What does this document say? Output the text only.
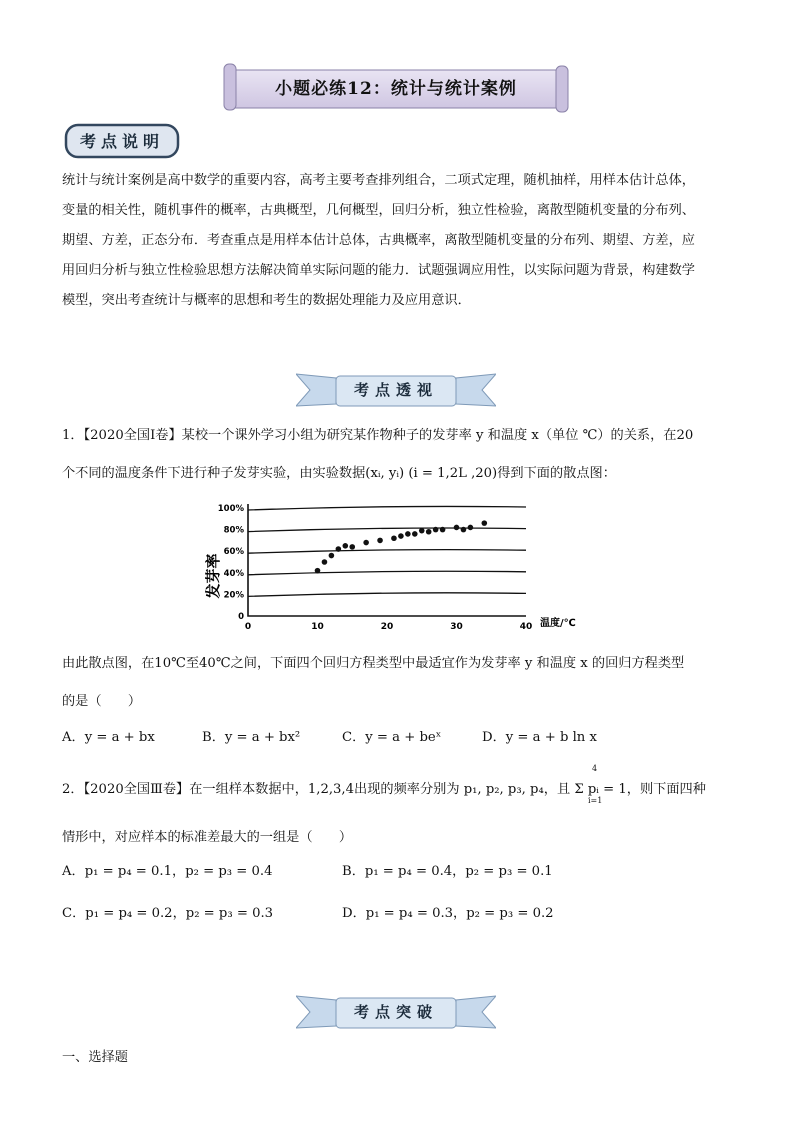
小题必练12：统计与统计案例
考点说明
统计与统计案例是高中数学的重要内容，高考主要考查排列组合，二项式定理，随机抽样，用样本估计总体，
变量的相关性，随机事件的概率，古典概型，几何概型，回归分析，独立性检验，离散型随机变量的分布列、
期望、方差，正态分布．考查重点是用样本估计总体，古典概率，离散型随机变量的分布列、期望、方差，应
用回归分析与独立性检验思想方法解决简单实际问题的能力．试题强调应用性，以实际问题为背景，构建数学
模型，突出考查统计与概率的思想和考生的数据处理能力及应用意识．
考点透视
1．【2020全国Ⅰ卷】某校一个课外学习小组为研究某作物种子的发芽率 y 和温度 x（单位 ℃）的关系，在20
个不同的温度条件下进行种子发芽实验，由实验数据(xᵢ, yᵢ) (i = 1,2L ,20)得到下面的散点图：
发芽率
0
20%
40%
60%
80%
100%
0	10	20	30	40 温度/℃
由此散点图，在10℃至40℃之间，下面四个回归方程类型中最适宜作为发芽率 y 和温度 x 的回归方程类型
的是（　　）
A．y = a + bx	B．y = a + bx²	C．y = a + beˣ	D．y = a + b ln x
2．【2020全国Ⅲ卷】在一组样本数据中，1,2,3,4出现的频率分别为 p₁, p₂, p₃, p₄，且 Σ pᵢ = 1，则下面四种
4
i=1
情形中，对应样本的标准差最大的一组是（　　）
A．p₁ = p₄ = 0.1，p₂ = p₃ = 0.4	B．p₁ = p₄ = 0.4，p₂ = p₃ = 0.1
C．p₁ = p₄ = 0.2，p₂ = p₃ = 0.3	D．p₁ = p₄ = 0.3，p₂ = p₃ = 0.2
考点突破
一、选择题
